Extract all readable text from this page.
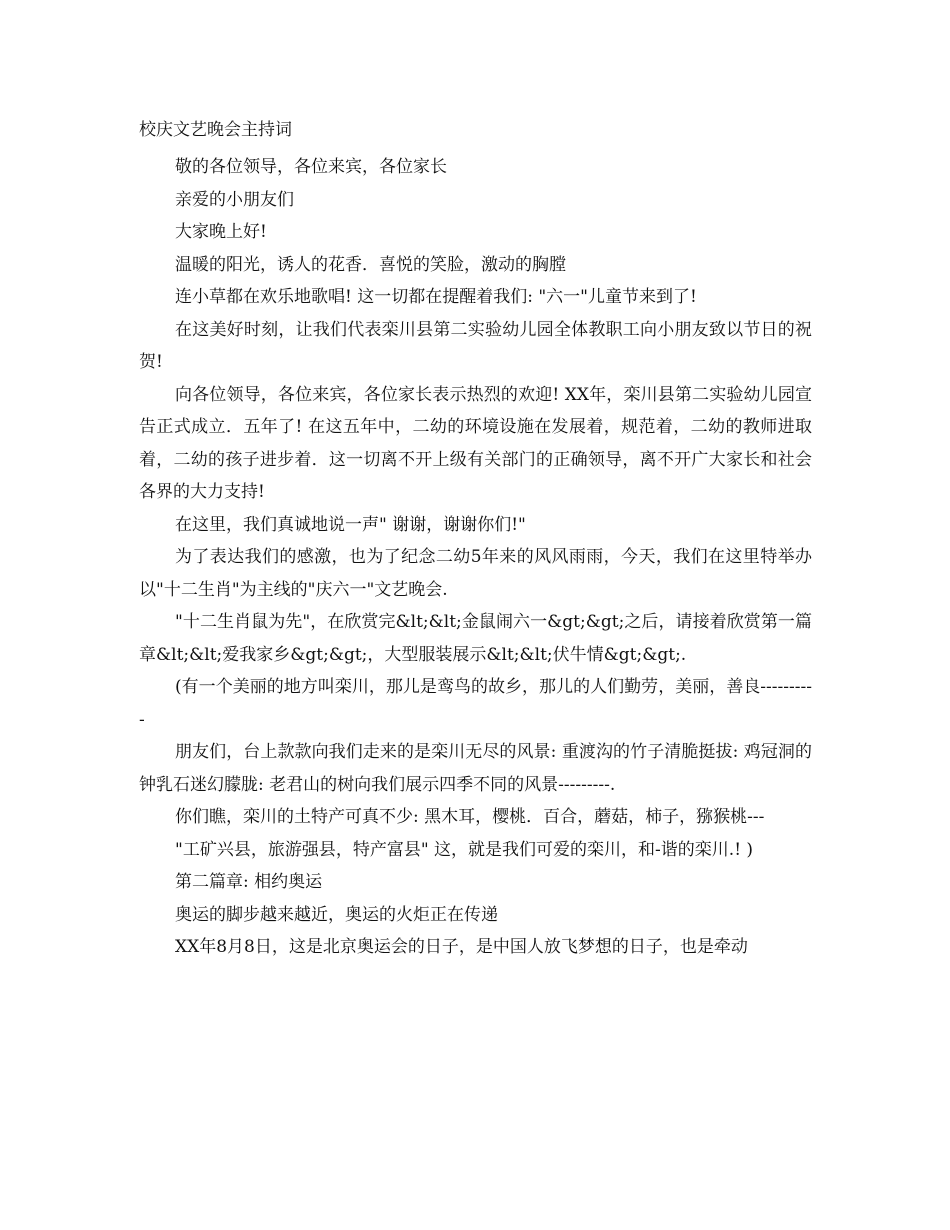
校庆文艺晚会主持词

敬的各位领导，各位来宾，各位家长

亲爱的小朋友们

大家晚上好!

温暖的阳光，诱人的花香．喜悦的笑脸，激动的胸膛

连小草都在欢乐地歌唱! 这一切都在提醒着我们: "六一"儿童节来到了!

在这美好时刻，让我们代表栾川县第二实验幼儿园全体教职工向小朋友致以节日的祝贺!

向各位领导，各位来宾，各位家长表示热烈的欢迎! XX年，栾川县第二实验幼儿园宣告正式成立．五年了! 在这五年中，二幼的环境设施在发展着，规范着，二幼的教师进取着，二幼的孩子进步着．这一切离不开上级有关部门的正确领导，离不开广大家长和社会各界的大力支持!

在这里，我们真诚地说一声" 谢谢，谢谢你们!"

为了表达我们的感激，也为了纪念二幼5年来的风风雨雨，今天，我们在这里特举办以"十二生肖"为主线的"庆六一"文艺晚会.

"十二生肖鼠为先"，在欣赏完&lt;&lt;金鼠闹六一&gt;&gt;之后，请接着欣赏第一篇章&lt;&lt;爱我家乡&gt;&gt;，大型服装展示&lt;&lt;伏牛情&gt;&gt;.

(有一个美丽的地方叫栾川，那儿是鸾鸟的故乡，那儿的人们勤劳，美丽，善良----------

朋友们，台上款款向我们走来的是栾川无尽的风景: 重渡沟的竹子清脆挺拔: 鸡冠洞的钟乳石迷幻朦胧: 老君山的树向我们展示四季不同的风景---------.

你们瞧，栾川的土特产可真不少: 黑木耳，樱桃．百合，蘑菇，柿子，猕猴桃---

"工矿兴县，旅游强县，特产富县" 这，就是我们可爱的栾川，和-谐的栾川.! )

第二篇章: 相约奥运

奥运的脚步越来越近，奥运的火炬正在传递

XX年8月8日，这是北京奥运会的日子，是中国人放飞梦想的日子，也是牵动
